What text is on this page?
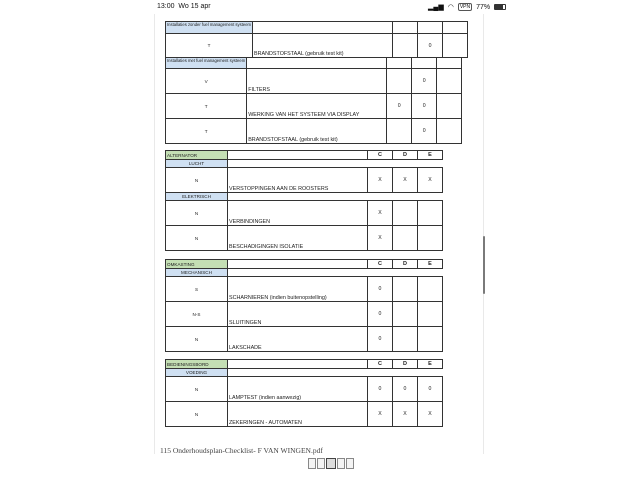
13:00 Wo 15 apr	▂▄▆ ◠	VPN 77%
Installaties zonder fuel management systeem				
T	BRANDSTOFSTAAL (gebruik test kit)		0	
Installaties met fuel management systeem				
V	FILTERS		0	
T	WERKING VAN HET SYSTEEM VIA DISPLAY	0	0	
T	BRANDSTOFSTAAL (gebruik test kit)		0	
ALTERNATOR		C	D	E
LUCHT				
N	VERSTOPPINGEN AAN DE ROOSTERS	X	X	X
ELEKTRISCH				
N	VERBINDINGEN	X		
N	BESCHADIGINGEN ISOLATIE	X		
OMKASTING		C	D	E
MECHANISCH				
S	SCHARNIEREN (indien buitenopstelling)	0		
N-S	SLUITINGEN	0		
N	LAKSCHADE	0		
BEDIENINGSBORD		C	D	E
VOEDING				
N	LAMPTEST (indien aanwezig)	0	0	0
N	ZEKERINGEN - AUTOMATEN	X	X	X
115 Onderhoudsplan-Checklist- F VAN WINGEN.pdf
